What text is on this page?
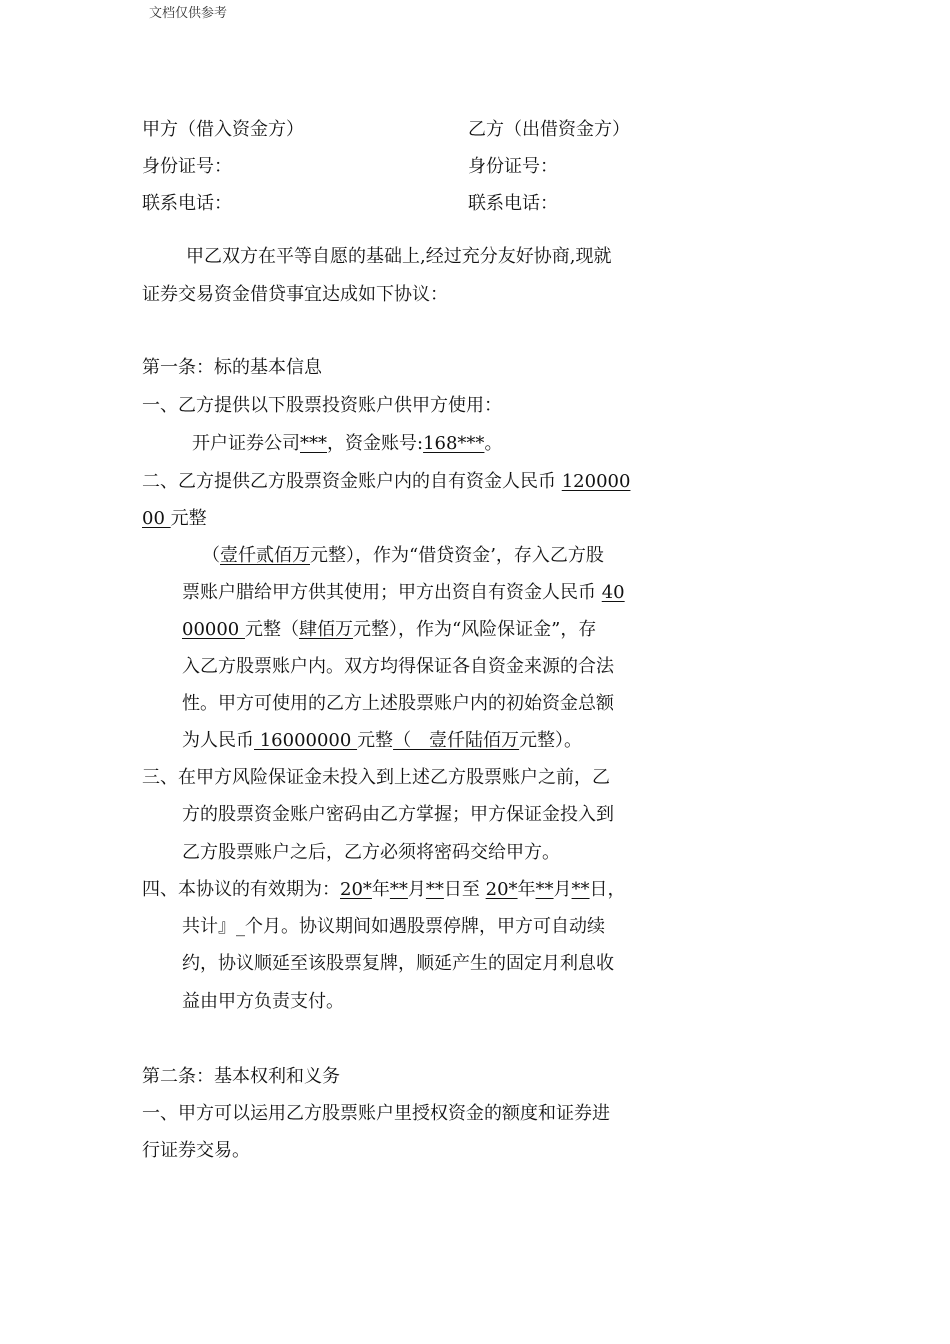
文档仅供参考
甲方（借入资金方）	乙方（出借资金方）
身份证号：	身份证号：
联系电话：	联系电话：
甲乙双方在平等自愿的基础上,经过充分友好协商,现就
证券交易资金借贷事宜达成如下协议：
第一条：标的基本信息
一、乙方提供以下股票投资账户供甲方使用：
开户证券公司***，资金账号:168***。
二、乙方提供乙方股票资金账户内的自有资金人民币 120000
00 元整
（壹仟贰佰万元整），作为“借贷资金’，存入乙方股
票账户腊给甲方供其使用；甲方出资自有资金人民币 40
00000 元整（肆佰万元整），作为“风险保证金”，存
入乙方股票账户内。双方均得保证各自资金来源的合法
性。甲方可使用的乙方上述股票账户内的初始资金总额
为人民币 16000000 元整（　壹仟陆佰万元整）。
三、在甲方风险保证金未投入到上述乙方股票账户之前，乙
方的股票资金账户密码由乙方掌握；甲方保证金投入到
乙方股票账户之后，乙方必须将密码交给甲方。
四、本协议的有效期为：20*年**月**日至 20*年**月**日，
共计』_个月。协议期间如遇股票停牌，甲方可自动续
约，协议顺延至该股票复牌，顺延产生的固定月利息收
益由甲方负责支付。
第二条：基本权利和义务
一、甲方可以运用乙方股票账户里授权资金的额度和证券进
行证券交易。
